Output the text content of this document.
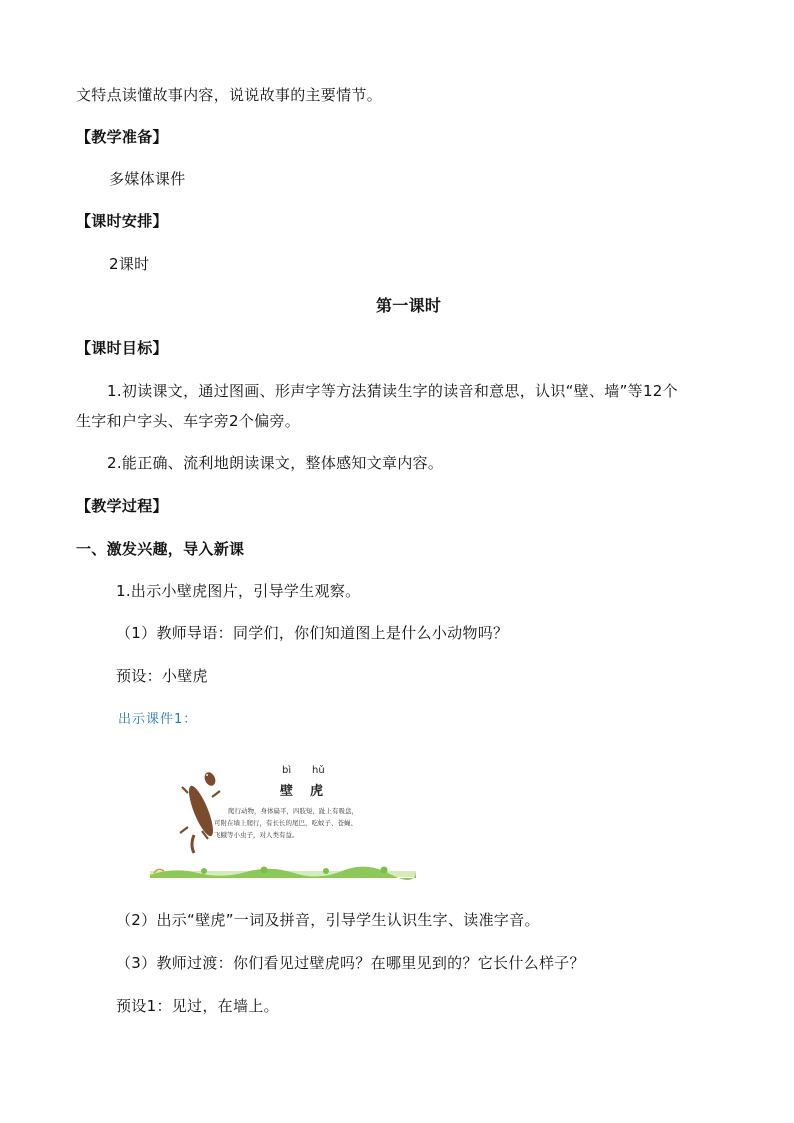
文特点读懂故事内容，说说故事的主要情节。
【教学准备】
多媒体课件
【课时安排】
2课时
第一课时
【课时目标】
1.初读课文，通过图画、形声字等方法猜读生字的读音和意思，认识“壁、墙”等12个
生字和户字头、车字旁2个偏旁。
2.能正确、流利地朗读课文，整体感知文章内容。
【教学过程】
一、激发兴趣，导入新课
1.出示小壁虎图片，引导学生观察。
（1）教师导语：同学们，你们知道图上是什么小动物吗？
预设：小壁虎
出示课件1：
bì hǔ
壁 虎
爬行动物，身体扁平，四肢短，趾上有吸盘，
可附在墙上爬行，有长长的尾巴，吃蚊子、苍蝇、
飞蛾等小虫子，对人类有益。
（2）出示“壁虎”一词及拼音，引导学生认识生字、读准字音。
（3）教师过渡：你们看见过壁虎吗？在哪里见到的？它长什么样子？
预设1：见过，在墙上。
